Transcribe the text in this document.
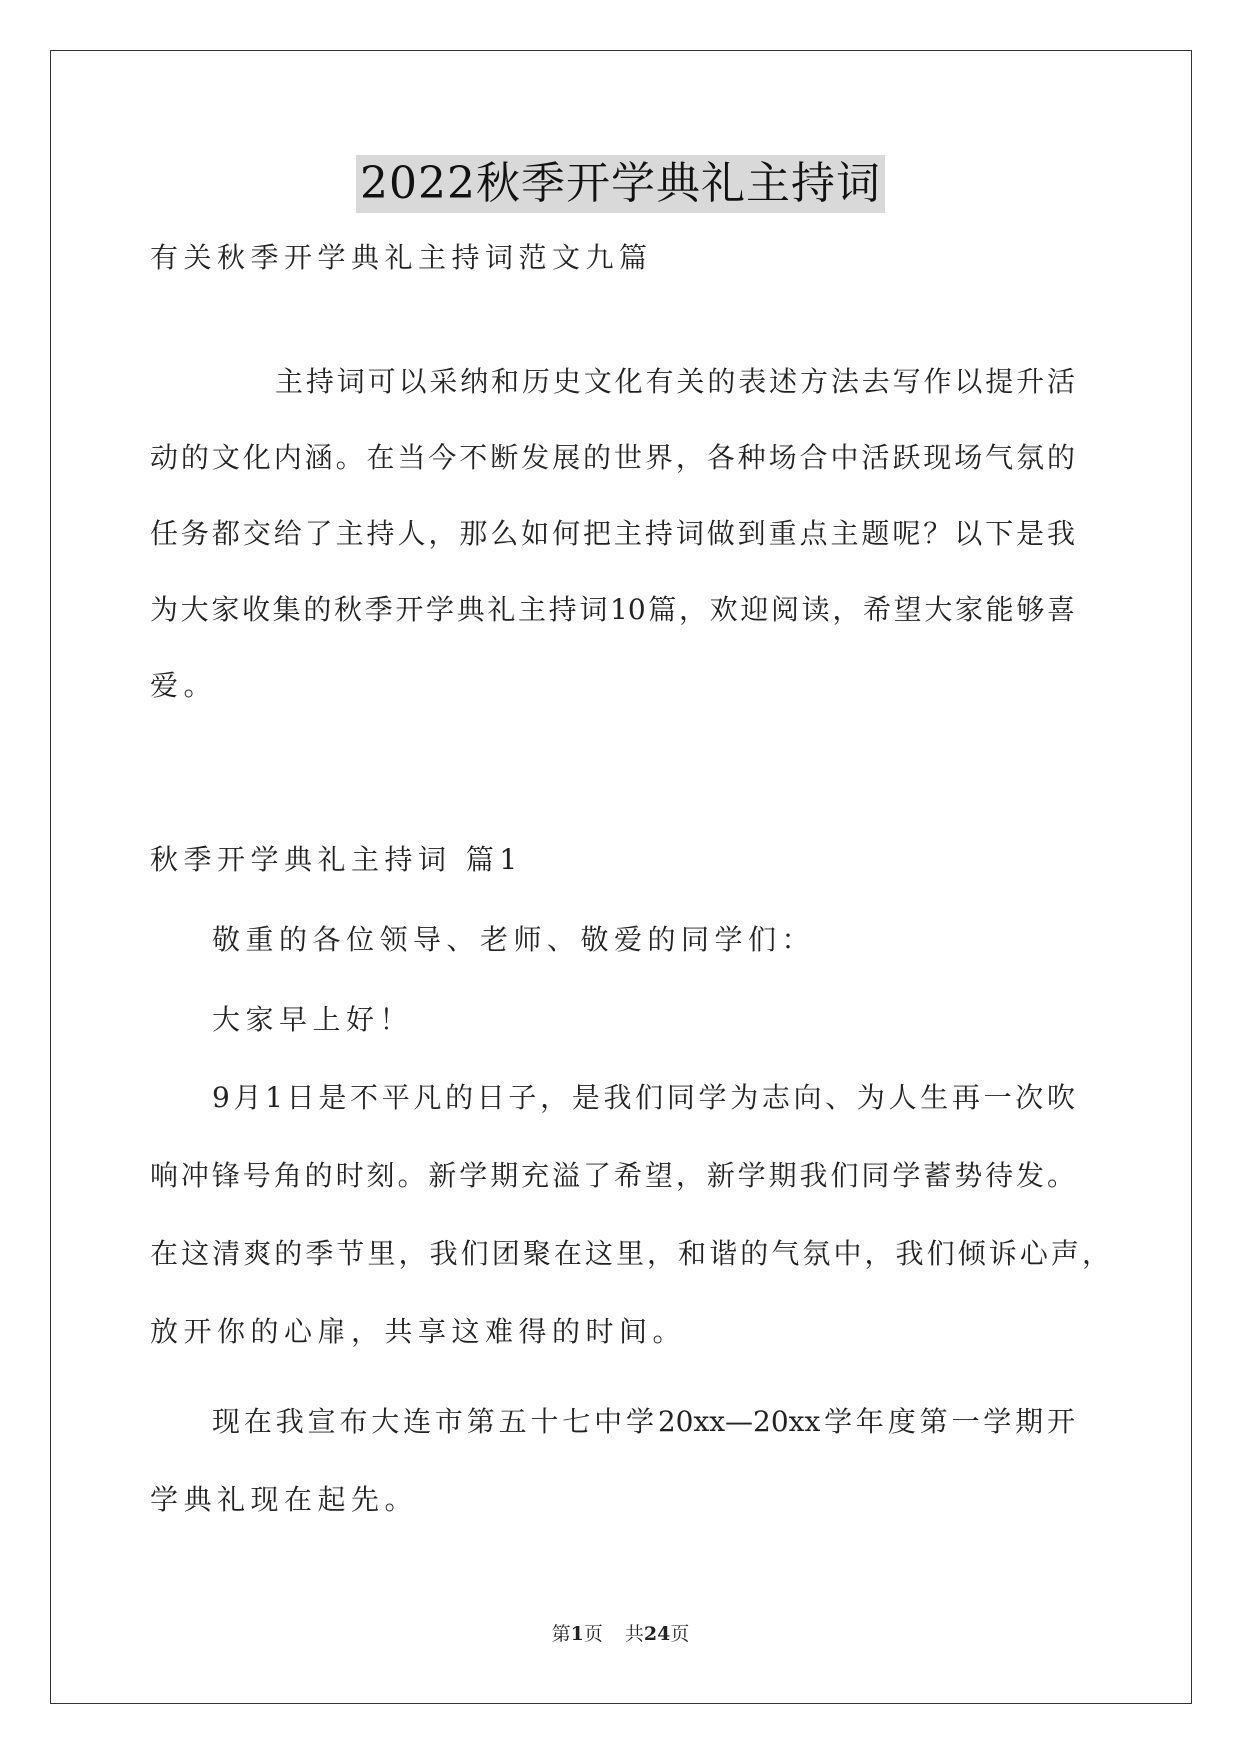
2022秋季开学典礼主持词
有关秋季开学典礼主持词范文九篇
主持词可以采纳和历史文化有关的表述方法去写作以提升活
动的文化内涵。在当今不断发展的世界，各种场合中活跃现场气氛的
任务都交给了主持人，那么如何把主持词做到重点主题呢？以下是我
为大家收集的秋季开学典礼主持词10篇，欢迎阅读，希望大家能够喜
爱。
秋季开学典礼主持词 篇1
敬重的各位领导、老师、敬爱的同学们：
大家早上好！
9月1日是不平凡的日子，是我们同学为志向、为人生再一次吹
响冲锋号角的时刻。新学期充溢了希望，新学期我们同学蓄势待发。
在这清爽的季节里，我们团聚在这里，和谐的气氛中，我们倾诉心声，
放开你的心扉，共享这难得的时间。
现在我宣布大连市第五十七中学20xx—20xx学年度第一学期开
学典礼现在起先。
第1页 共24页
